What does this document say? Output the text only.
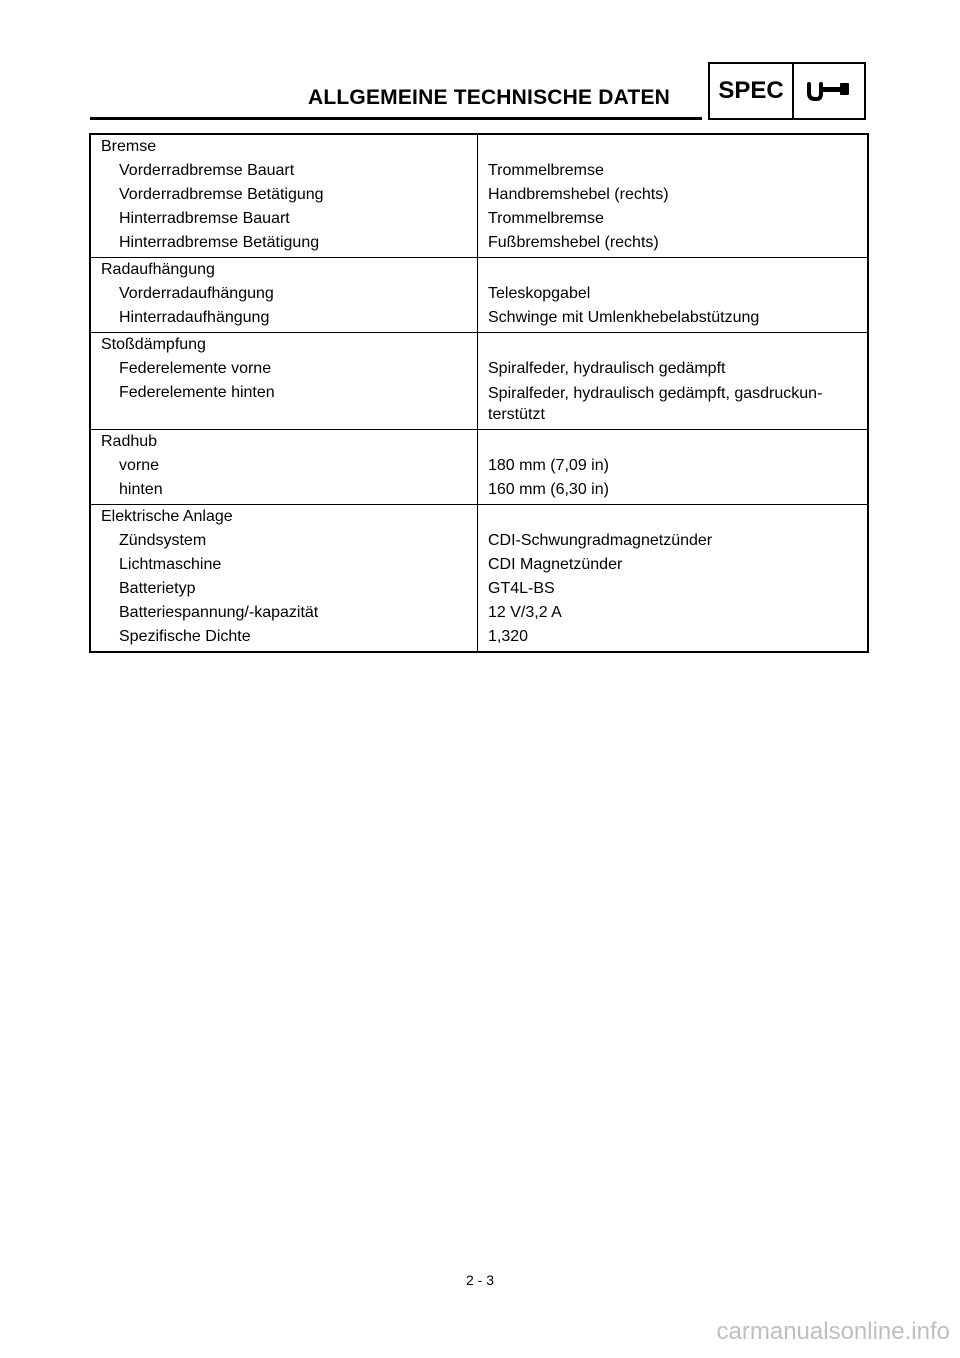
ALLGEMEINE TECHNISCHE DATEN	SPEC
Bremse
Vorderradbremse Bauart
Vorderradbremse Betätigung
Hinterradbremse Bauart
Hinterradbremse Betätigung
Trommelbremse
Handbremshebel (rechts)
Trommelbremse
Fußbremshebel (rechts)
Radaufhängung
Vorderradaufhängung
Hinterradaufhängung
Teleskopgabel
Schwinge mit Umlenkhebelabstützung
Stoßdämpfung
Federelemente vorne
Federelemente hinten
Spiralfeder, hydraulisch gedämpft
Spiralfeder, hydraulisch gedämpft, gasdruckun-
terstützt
Radhub
vorne
hinten
180 mm (7,09 in)
160 mm (6,30 in)
Elektrische Anlage
Zündsystem
Lichtmaschine
Batterietyp
Batteriespannung/-kapazität
Spezifische Dichte
CDI-Schwungradmagnetzünder
CDI Magnetzünder
GT4L-BS
12 V/3,2 A
1,320
2 - 3
carmanualsonline.info
